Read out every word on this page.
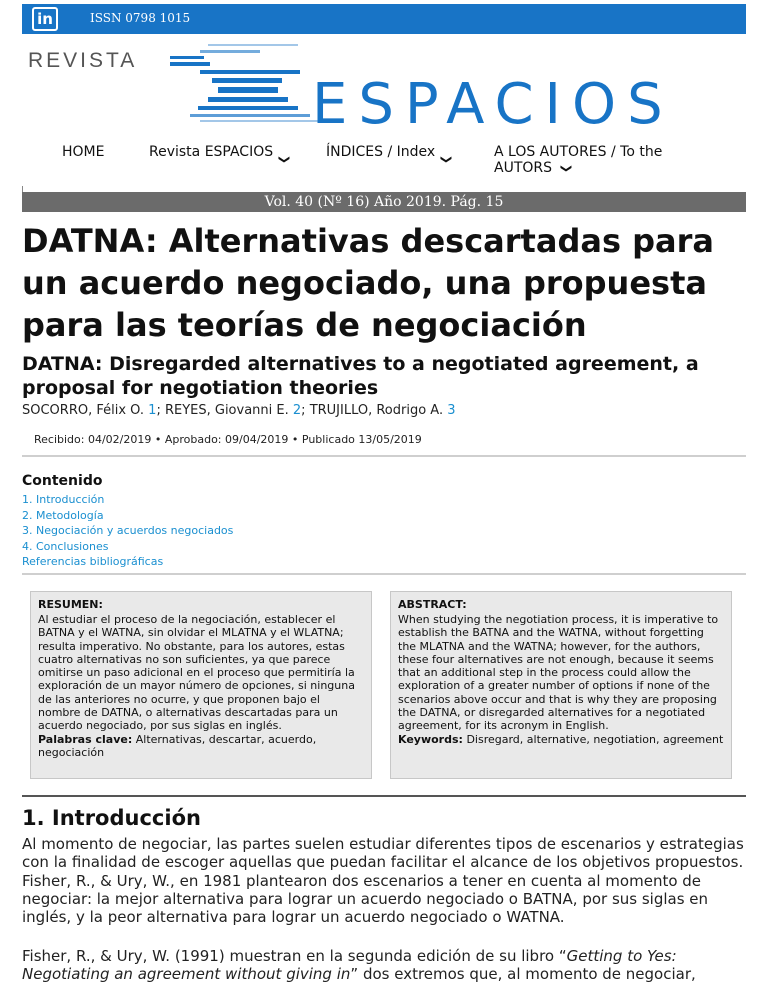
in	ISSN 0798 1015
REVISTA
ESPACIOS
HOME	Revista ESPACIOS ❯	ÍNDICES / Index ❯	A LOS AUTORES / To the AUTORS ❯
Vol. 40 (Nº 16) Año 2019. Pág. 15
DATNA: Alternativas descartadas para un acuerdo negociado, una propuesta para las teorías de negociación
DATNA: Disregarded alternatives to a negotiated agreement, a proposal for negotiation theories
SOCORRO, Félix O. 1; REYES, Giovanni E. 2; TRUJILLO, Rodrigo A. 3
Recibido: 04/02/2019 • Aprobado: 09/04/2019 • Publicado 13/05/2019
Contenido
1. Introducción
2. Metodología
3. Negociación y acuerdos negociados
4. Conclusiones
Referencias bibliográficas
RESUMEN:
Al estudiar el proceso de la negociación, establecer el BATNA y el WATNA, sin olvidar el MLATNA y el WLATNA; resulta imperativo. No obstante, para los autores, estas cuatro alternativas no son suficientes, ya que parece omitirse un paso adicional en el proceso que permitiría la exploración de un mayor número de opciones, si ninguna de las anteriores no ocurre, y que proponen bajo el nombre de DATNA, o alternativas descartadas para un acuerdo negociado, por sus siglas en inglés.
Palabras clave: Alternativas, descartar, acuerdo, negociación
ABSTRACT:
When studying the negotiation process, it is imperative to establish the BATNA and the WATNA, without forgetting the MLATNA and the WATNA; however, for the authors, these four alternatives are not enough, because it seems that an additional step in the process could allow the exploration of a greater number of options if none of the scenarios above occur and that is why they are proposing the DATNA, or disregarded alternatives for a negotiated agreement, for its acronym in English.
Keywords: Disregard, alternative, negotiation, agreement
1. Introducción

Al momento de negociar, las partes suelen estudiar diferentes tipos de escenarios y estrategias con la finalidad de escoger aquellas que puedan facilitar el alcance de los objetivos propuestos. Fisher, R., & Ury, W., en 1981 plantearon dos escenarios a tener en cuenta al momento de negociar: la mejor alternativa para lograr un acuerdo negociado o BATNA, por sus siglas en inglés, y la peor alternativa para lograr un acuerdo negociado o WATNA.

Fisher, R., & Ury, W. (1991) muestran en la segunda edición de su libro “Getting to Yes: Negotiating an agreement without giving in” dos extremos que, al momento de negociar,
